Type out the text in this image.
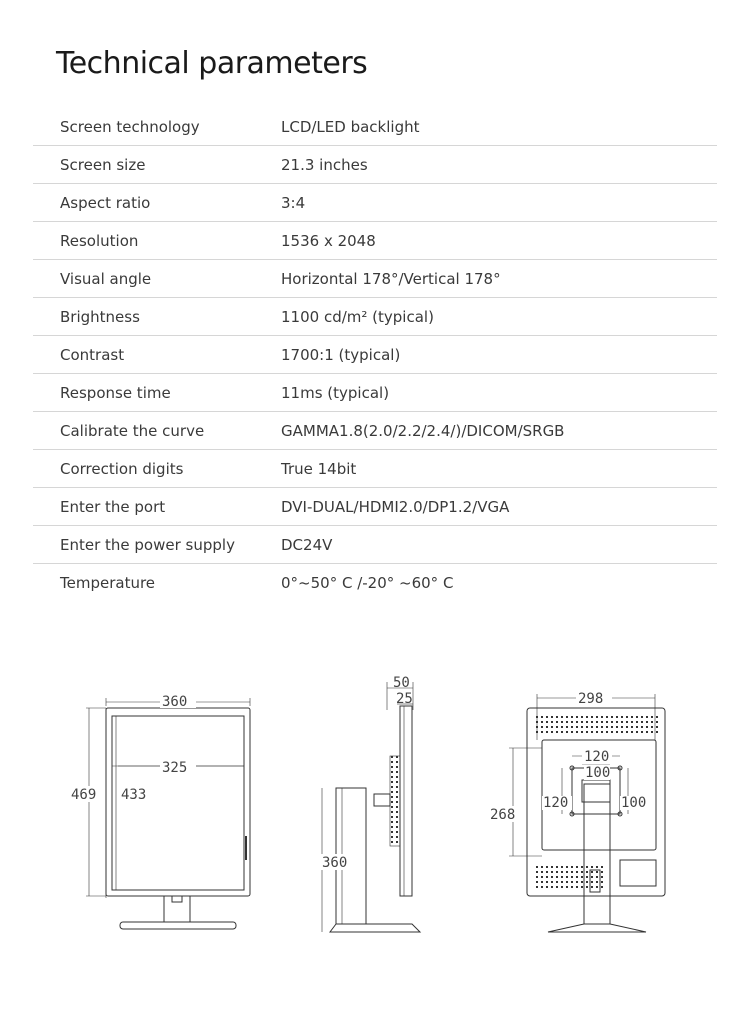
Technical parameters
Screen technology	LCD/LED backlight
Screen size	21.3 inches
Aspect ratio	3:4
Resolution	1536 x 2048
Visual angle	Horizontal 178°/Vertical 178°
Brightness	1100 cd/m² (typical)
Contrast	1700:1 (typical)
Response time	11ms (typical)
Calibrate the curve	GAMMA1.8(2.0/2.2/2.4/)/DICOM/SRGB
Correction digits	True 14bit
Enter the port	DVI-DUAL/HDMI2.0/DP1.2/VGA
Enter the power supply	DC24V
Temperature	0°~50° C /-20° ~60° C
360
325
469 433
50
25
360
298
268
120
100
120	100
